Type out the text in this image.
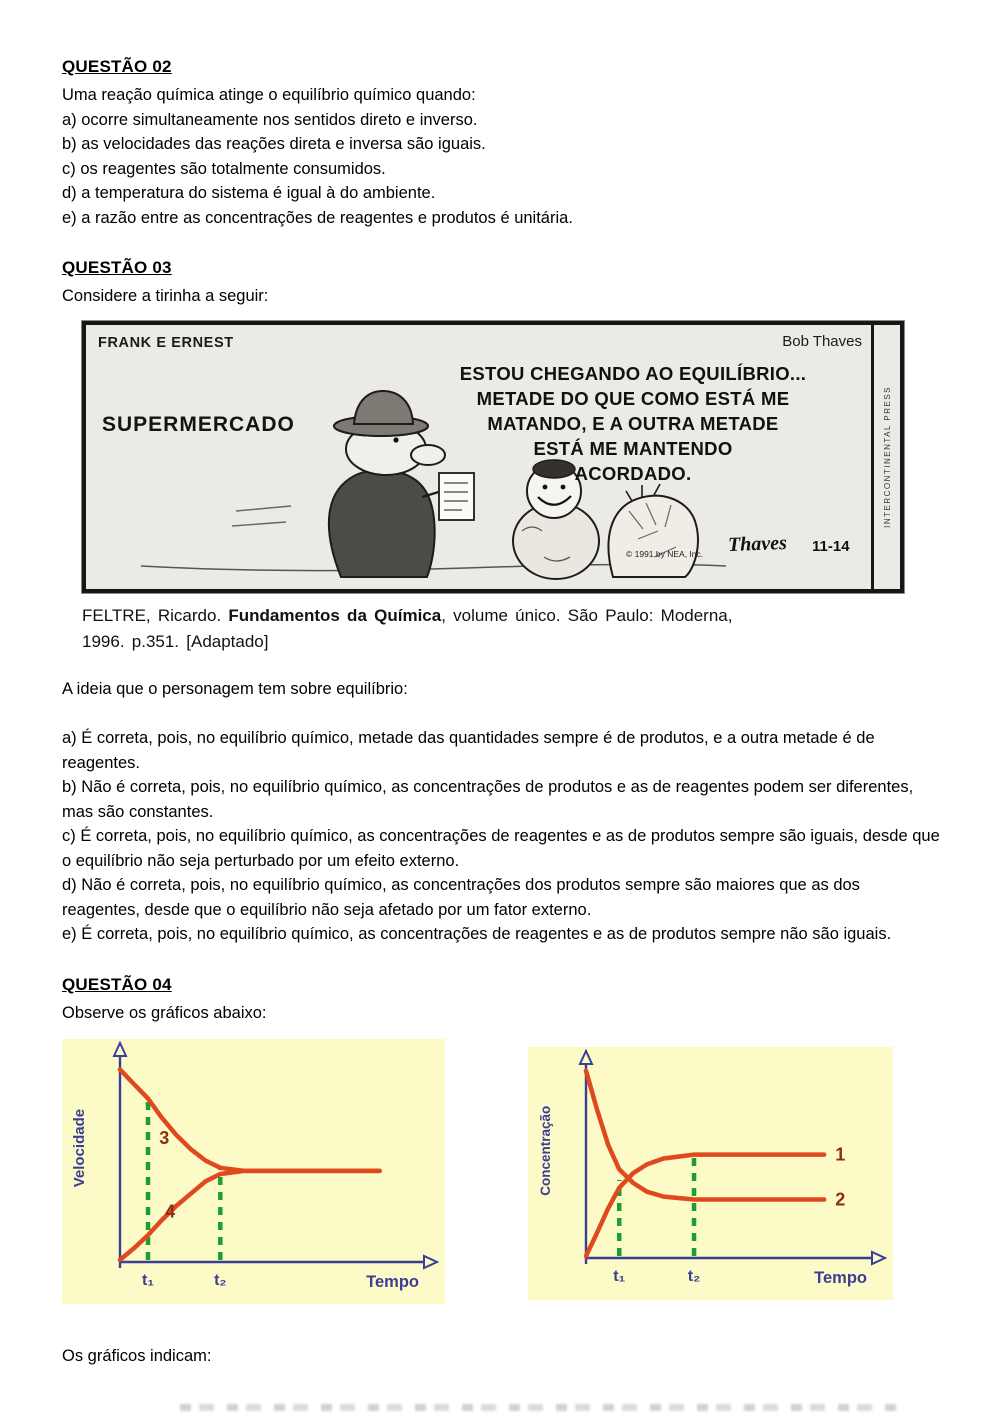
QUESTÃO 02

Uma reação química atinge o equilíbrio químico quando:

a) ocorre simultaneamente nos sentidos direto e inverso.

b) as velocidades das reações direta e inversa são iguais.

c) os reagentes são totalmente consumidos.

d) a temperatura do sistema é igual à do ambiente.

e) a razão entre as concentrações de reagentes e produtos é unitária.

QUESTÃO 03

Considere a tirinha a seguir:

FRANK E ERNEST	Bob Thaves
SUPERMERCADO
ESTOU CHEGANDO AO EQUILÍBRIO...
METADE DO QUE COMO ESTÁ ME
MATANDO, E A OUTRA METADE
ESTÁ ME MANTENDO
ACORDADO.
© 1991 by NEA, Inc. Thaves 11-14
INTERCONTINENTAL PRESS
FELTRE, Ricardo. Fundamentos da Química, volume único. São Paulo: Moderna,
1996. p.351. [Adaptado]

A ideia que o personagem tem sobre equilíbrio:

a) É correta, pois, no equilíbrio químico, metade das quantidades sempre é de produtos, e a outra metade é de reagentes.

b) Não é correta, pois, no equilíbrio químico, as concentrações de produtos e as de reagentes podem ser diferentes, mas são constantes.

c) É correta, pois, no equilíbrio químico, as concentrações de reagentes e as de produtos sempre são iguais, desde que o equilíbrio não seja perturbado por um efeito externo.

d) Não é correta, pois, no equilíbrio químico, as concentrações dos produtos sempre são maiores que as dos reagentes, desde que o equilíbrio não seja afetado por um fator externo.

e) É correta, pois, no equilíbrio químico, as concentrações de reagentes e as de produtos sempre não são iguais.

QUESTÃO 04

Observe os gráficos abaixo:

3
4
t₁	t₂	Tempo
Velocidade	1
2
t₁	t₂	Tempo
Concentração

Os gráficos indicam:
